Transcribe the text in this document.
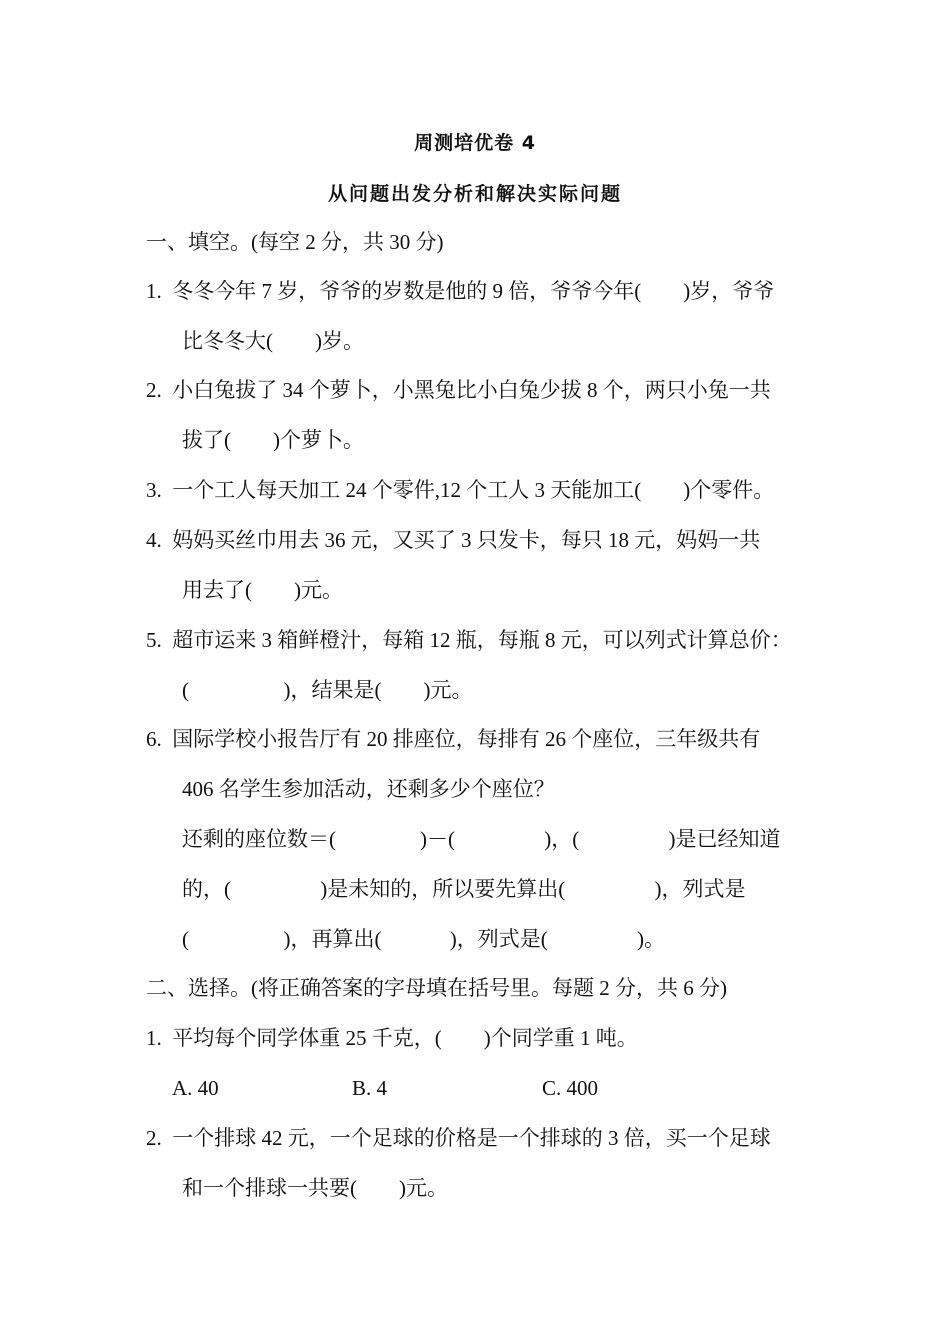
周测培优卷 4
从问题出发分析和解决实际问题
一、填空。(每空 2 分，共 30 分)
1.  冬冬今年 7 岁，爷爷的岁数是他的 9 倍，爷爷今年(        )岁，爷爷
比冬冬大(        )岁。
2.  小白兔拔了 34 个萝卜，小黑兔比小白兔少拔 8 个，两只小兔一共
拔了(        )个萝卜。
3.  一个工人每天加工 24 个零件,12 个工人 3 天能加工(        )个零件。
4.  妈妈买丝巾用去 36 元，又买了 3 只发卡，每只 18 元，妈妈一共
用去了(        )元。
5.  超市运来 3 箱鲜橙汁，每箱 12 瓶，每瓶 8 元，可以列式计算总价：
(                  )，结果是(        )元。
6.  国际学校小报告厅有 20 排座位，每排有 26 个座位，三年级共有
406 名学生参加活动，还剩多少个座位？
还剩的座位数＝(                )－(                 )，(                 )是已经知道
的，(                 )是未知的，所以要先算出(                 )，列式是
(                  )，再算出(             )，列式是(                 )。
二、选择。(将正确答案的字母填在括号里。每题 2 分，共 6 分)
1.  平均每个同学体重 25 千克，(        )个同学重 1 吨。
A. 40	B. 4	C. 400
2.  一个排球 42 元，一个足球的价格是一个排球的 3 倍，买一个足球
和一个排球一共要(        )元。
